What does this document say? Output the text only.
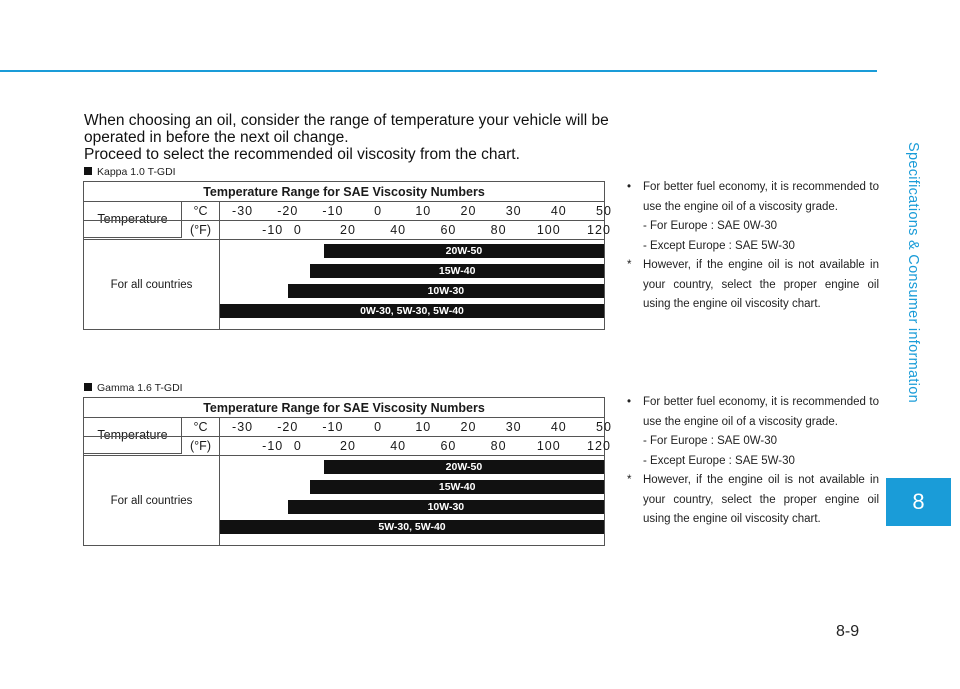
Specifications & Consumer information
8
8-9
When choosing an oil, consider the range of temperature your vehicle will be
operated in before the next oil change.
Proceed to select the recommended oil viscosity from the chart.
Kappa 1.0 T-GDI
Temperature Range for SAE Viscosity Numbers
Temperature
°C	-30 -20 -10 0	10 20 30 40 50
(°F)	-10 0	20	40	60	80 100 120
For all countries
20W-50
15W-40
10W-30
0W-30, 5W-30, 5W-40
• For better fuel economy, it is recommended to use the engine oil of a viscosity grade.
- For Europe : SAE 0W-30
- Except Europe : SAE 5W-30
* However, if the engine oil is not available in your country, select the proper engine oil using the engine oil viscosity chart.
Gamma 1.6 T-GDI
Temperature Range for SAE Viscosity Numbers
Temperature
°C	-30 -20 -10 0	10 20 30 40 50
(°F)	-10 0	20	40	60	80 100 120
For all countries
20W-50
15W-40
10W-30
5W-30, 5W-40
• For better fuel economy, it is recommended to use the engine oil of a viscosity grade.
- For Europe : SAE 0W-30
- Except Europe : SAE 5W-30
* However, if the engine oil is not available in your country, select the proper engine oil using the engine oil viscosity chart.
